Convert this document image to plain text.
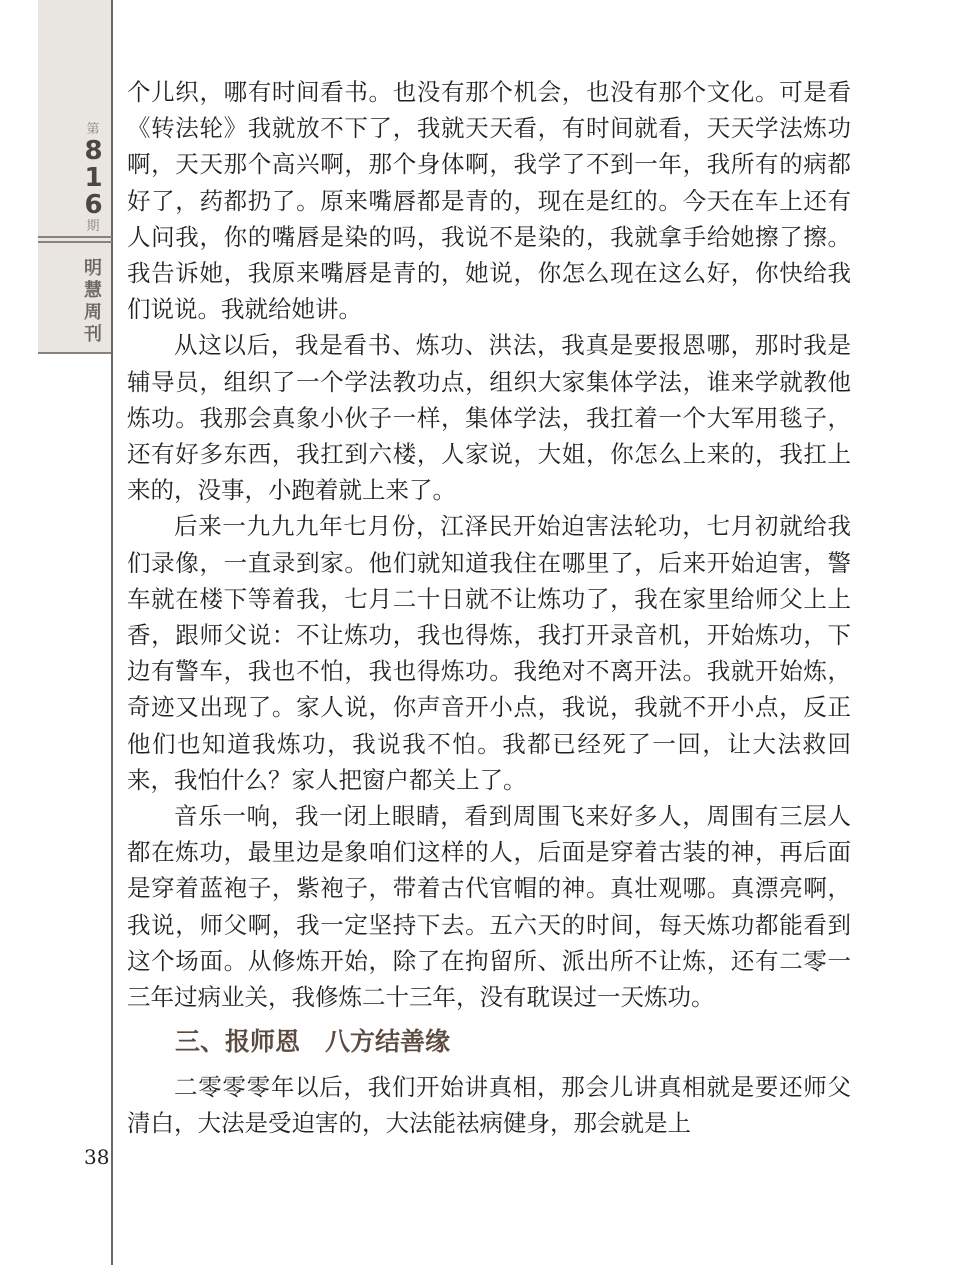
第
8
1
6
期
明
慧
周
刊

个儿织，哪有时间看书。也没有那个机会，也没有那个文化。可是看《转法轮》我就放不下了，我就天天看，有时间就看，天天学法炼功啊，天天那个高兴啊，那个身体啊，我学了不到一年，我所有的病都好了，药都扔了。原来嘴唇都是青的，现在是红的。今天在车上还有人问我，你的嘴唇是染的吗，我说不是染的，我就拿手给她擦了擦。我告诉她，我原来嘴唇是青的，她说，你怎么现在这么好，你快给我们说说。我就给她讲。

从这以后，我是看书、炼功、洪法，我真是要报恩哪，那时我是辅导员，组织了一个学法教功点，组织大家集体学法，谁来学就教他炼功。我那会真象小伙子一样，集体学法，我扛着一个大军用毯子，还有好多东西，我扛到六楼，人家说，大姐，你怎么上来的，我扛上来的，没事，小跑着就上来了。

后来一九九九年七月份，江泽民开始迫害法轮功，七月初就给我们录像，一直录到家。他们就知道我住在哪里了，后来开始迫害，警车就在楼下等着我，七月二十日就不让炼功了，我在家里给师父上上香，跟师父说：不让炼功，我也得炼，我打开录音机，开始炼功，下边有警车，我也不怕，我也得炼功。我绝对不离开法。我就开始炼，奇迹又出现了。家人说，你声音开小点，我说，我就不开小点，反正他们也知道我炼功，我说我不怕。我都已经死了一回，让大法救回来，我怕什么？家人把窗户都关上了。

音乐一响，我一闭上眼睛，看到周围飞来好多人，周围有三层人都在炼功，最里边是象咱们这样的人，后面是穿着古装的神，再后面是穿着蓝袍子，紫袍子，带着古代官帽的神。真壮观哪。真漂亮啊，我说，师父啊，我一定坚持下去。五六天的时间，每天炼功都能看到这个场面。从修炼开始，除了在拘留所、派出所不让炼，还有二零一三年过病业关，我修炼二十三年，没有耽误过一天炼功。

三、报师恩　八方结善缘

二零零零年以后，我们开始讲真相，那会儿讲真相就是要还师父清白，大法是受迫害的，大法能祛病健身，那会就是上

38
